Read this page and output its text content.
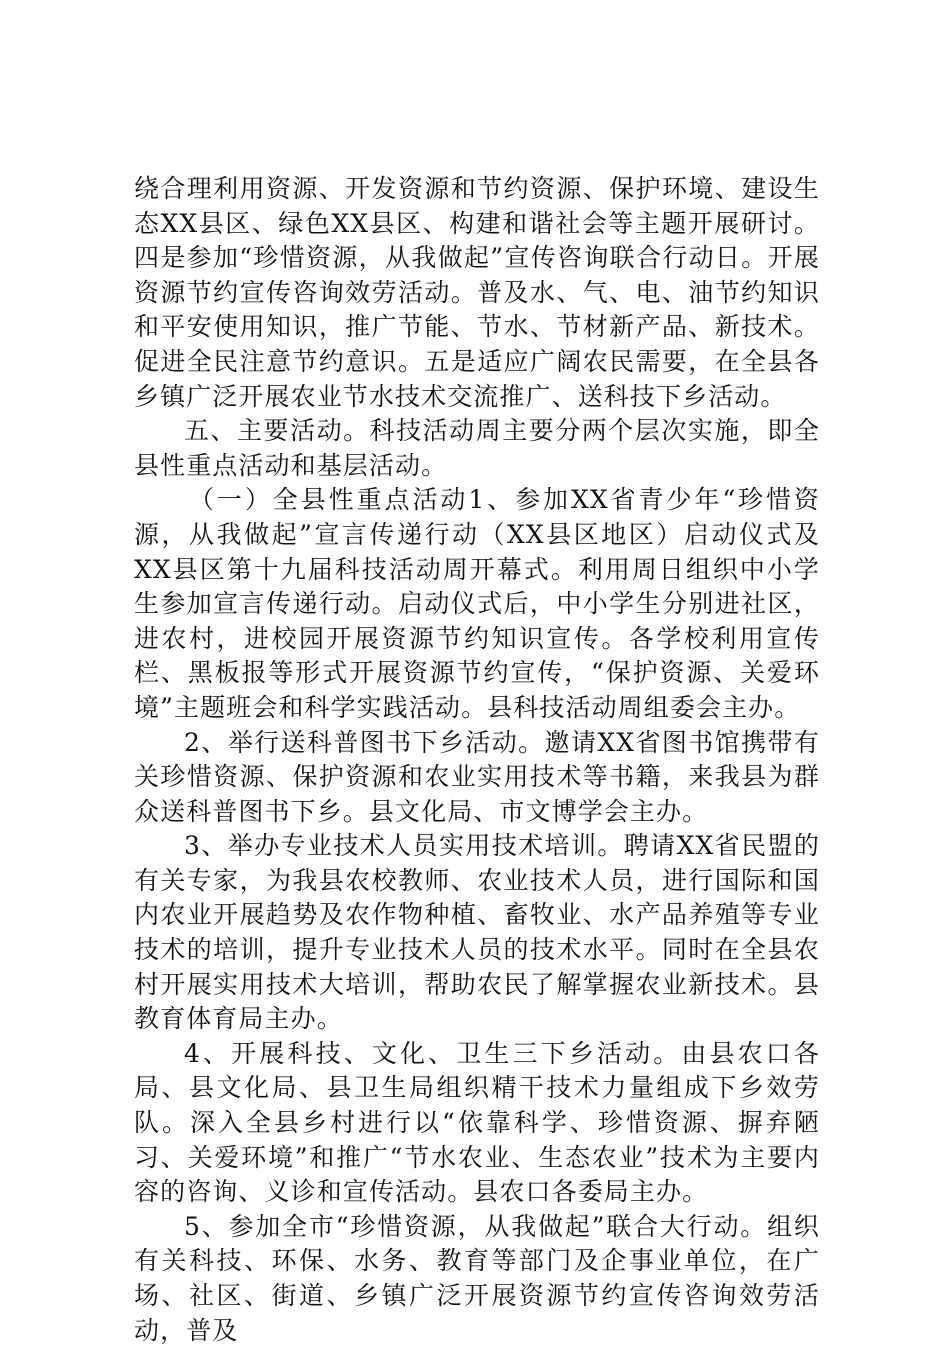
绕合理利用资源、开发资源和节约资源、保护环境、建设生态XX县区、绿色XX县区、构建和谐社会等主题开展研讨。四是参加“珍惜资源，从我做起”宣传咨询联合行动日。开展资源节约宣传咨询效劳活动。普及水、气、电、油节约知识和平安使用知识，推广节能、节水、节材新产品、新技术。促进全民注意节约意识。五是适应广阔农民需要，在全县各乡镇广泛开展农业节水技术交流推广、送科技下乡活动。

五、主要活动。科技活动周主要分两个层次实施，即全县性重点活动和基层活动。

（一）全县性重点活动1、参加XX省青少年“珍惜资源，从我做起”宣言传递行动（XX县区地区）启动仪式及XX县区第十九届科技活动周开幕式。利用周日组织中小学生参加宣言传递行动。启动仪式后，中小学生分别进社区，进农村，进校园开展资源节约知识宣传。各学校利用宣传栏、黑板报等形式开展资源节约宣传，“保护资源、关爱环境”主题班会和科学实践活动。县科技活动周组委会主办。

2、举行送科普图书下乡活动。邀请XX省图书馆携带有关珍惜资源、保护资源和农业实用技术等书籍，来我县为群众送科普图书下乡。县文化局、市文博学会主办。

3、举办专业技术人员实用技术培训。聘请XX省民盟的有关专家，为我县农校教师、农业技术人员，进行国际和国内农业开展趋势及农作物种植、畜牧业、水产品养殖等专业技术的培训，提升专业技术人员的技术水平。同时在全县农村开展实用技术大培训，帮助农民了解掌握农业新技术。县教育体育局主办。

4、开展科技、文化、卫生三下乡活动。由县农口各局、县文化局、县卫生局组织精干技术力量组成下乡效劳队。深入全县乡村进行以“依靠科学、珍惜资源、摒弃陋习、关爱环境”和推广“节水农业、生态农业”技术为主要内容的咨询、义诊和宣传活动。县农口各委局主办。

5、参加全市“珍惜资源，从我做起”联合大行动。组织有关科技、环保、水务、教育等部门及企事业单位，在广场、社区、街道、乡镇广泛开展资源节约宣传咨询效劳活动，普及
